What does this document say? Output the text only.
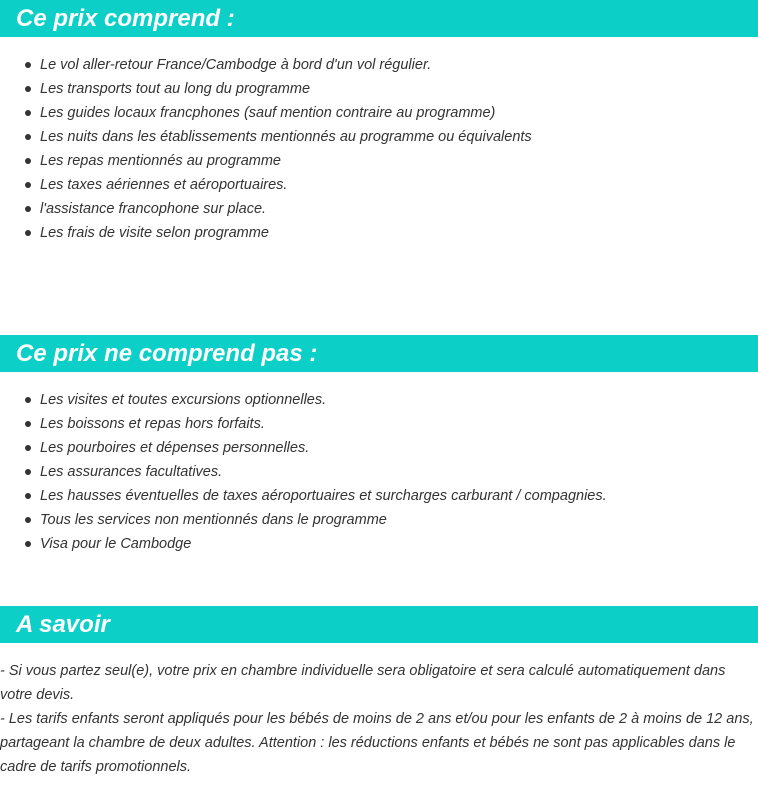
Ce prix comprend :
Le vol aller-retour France/Cambodge à bord d'un vol régulier.
Les transports tout au long du programme
Les guides locaux francphones (sauf mention contraire au programme)
Les nuits dans les établissements mentionnés au programme ou équivalents
Les repas mentionnés au programme
Les taxes aériennes et aéroportuaires.
l'assistance francophone sur place.
Les frais de visite selon programme
Ce prix ne comprend pas :
Les visites et toutes excursions optionnelles.
Les boissons et repas hors forfaits.
Les pourboires et dépenses personnelles.
Les assurances facultatives.
Les hausses éventuelles de taxes aéroportuaires et surcharges carburant / compagnies.
Tous les services non mentionnés dans le programme
Visa pour le Cambodge
A savoir
- Si vous partez seul(e), votre prix en chambre individuelle sera obligatoire et sera calculé automatiquement dans votre devis.
- Les tarifs enfants seront appliqués pour les bébés de moins de 2 ans et/ou pour les enfants de 2 à moins de 12 ans, partageant la chambre de deux adultes. Attention : les réductions enfants et bébés ne sont pas applicables dans le cadre de tarifs promotionnels.
